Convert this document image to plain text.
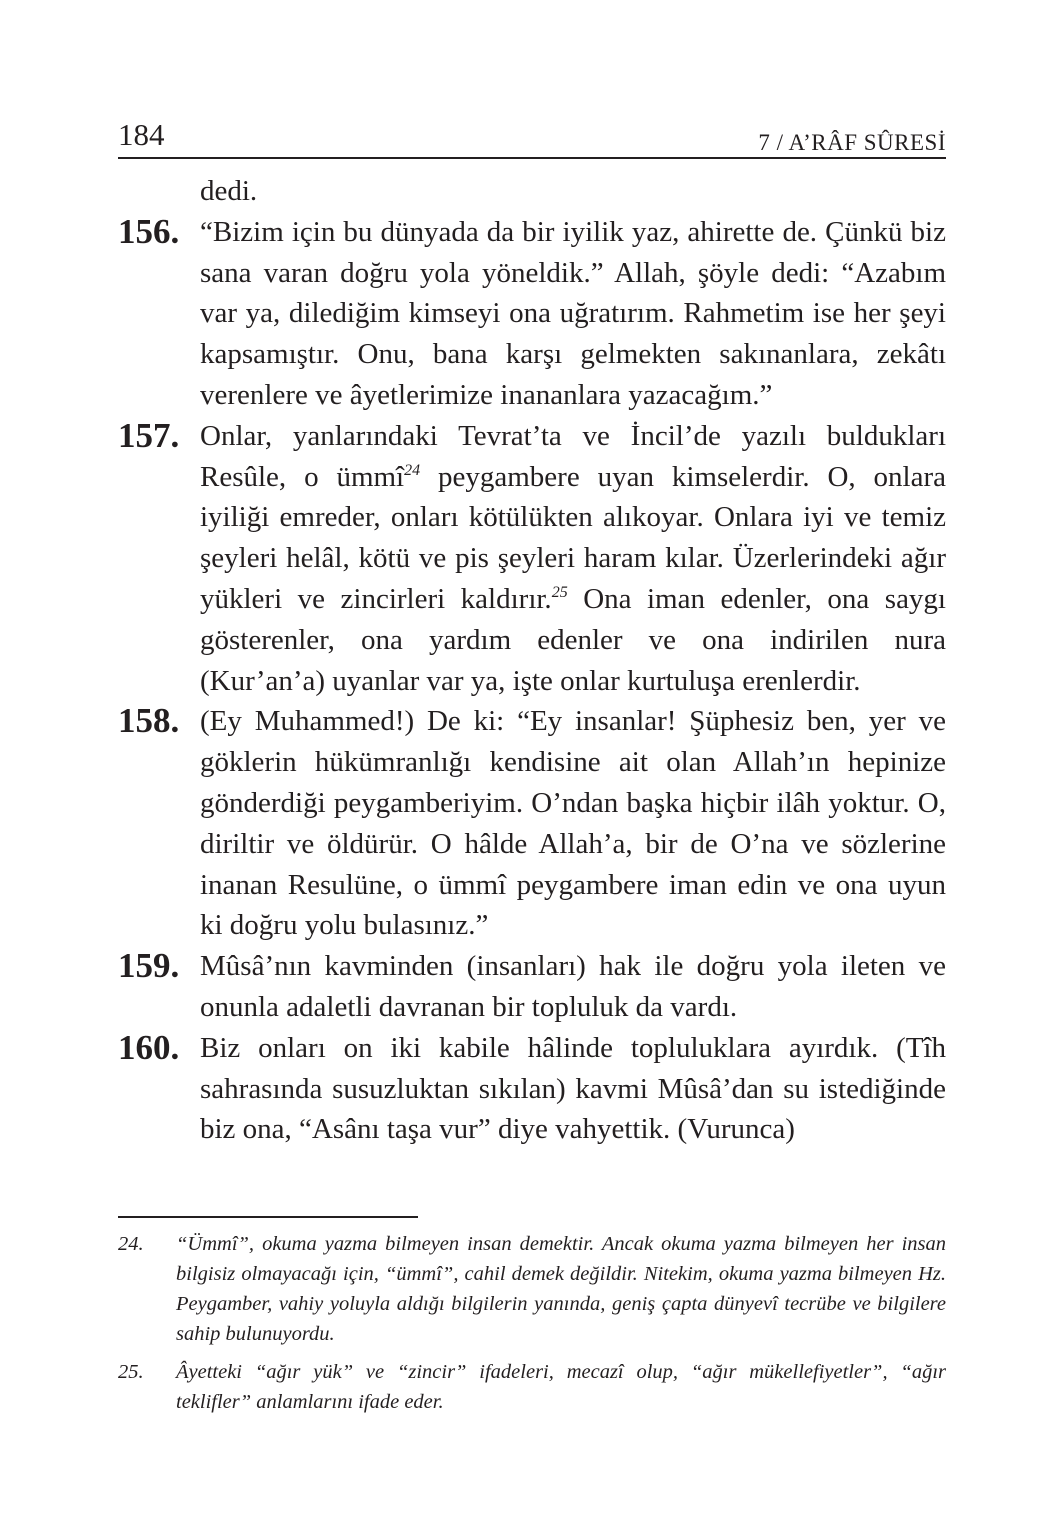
184	7 / A’RÂF SÛRESİ
dedi.
156. “Bizim için bu dünyada da bir iyilik yaz, ahirette de. Çünkü biz sana varan doğru yola yöneldik.” Allah, şöyle dedi: “Azabım var ya, dilediğim kimseyi ona uğratırım. Rahmetim ise her şeyi kapsamıştır. Onu, bana karşı gelmekten sakınanlara, zekâtı verenlere ve âyetlerimize inananlara yazacağım.”
157. Onlar, yanlarındaki Tevrat’ta ve İncil’de yazılı buldukları Resûle, o ümmî$^{24}$ peygambere uyan kimselerdir. O, onlara iyiliği emreder, onları kötülükten alıkoyar. Onlara iyi ve temiz şeyleri helâl, kötü ve pis şeyleri haram kılar. Üzerlerindeki ağır yükleri ve zincirleri kaldırır.$^{25}$ Ona iman edenler, ona saygı gösterenler, ona yardım edenler ve ona indirilen nura (Kur’an’a) uyanlar var ya, işte onlar kurtuluşa erenlerdir.
158. (Ey Muhammed!) De ki: “Ey insanlar! Şüphesiz ben, yer ve göklerin hükümranlığı kendisine ait olan Allah’ın hepinize gönderdiği peygamberiyim. O’ndan başka hiçbir ilâh yoktur. O, diriltir ve öldürür. O hâlde Allah’a, bir de O’na ve sözlerine inanan Resulüne, o ümmî peygambere iman edin ve ona uyun ki doğru yolu bulasınız.”
159. Mûsâ’nın kavminden (insanları) hak ile doğru yola ileten ve onunla adaletli davranan bir topluluk da vardı.
160. Biz onları on iki kabile hâlinde topluluklara ayırdık. (Tîh sahrasında susuzluktan sıkılan) kavmi Mûsâ’dan su istediğinde biz ona, “Asânı taşa vur” diye vahyettik. (Vurunca)
24. “Ümmî”, okuma yazma bilmeyen insan demektir. Ancak okuma yazma bilmeyen her insan bilgisiz olmayacağı için, “ümmî”, cahil demek değildir. Nitekim, okuma yazma bilmeyen Hz. Peygamber, vahiy yoluyla aldığı bilgilerin yanında, geniş çapta dünyevî tecrübe ve bilgilere sahip bulunuyordu.
25. Âyetteki “ağır yük” ve “zincir” ifadeleri, mecazî olup, “ağır mükellefiyetler”, “ağır teklifler” anlamlarını ifade eder.
